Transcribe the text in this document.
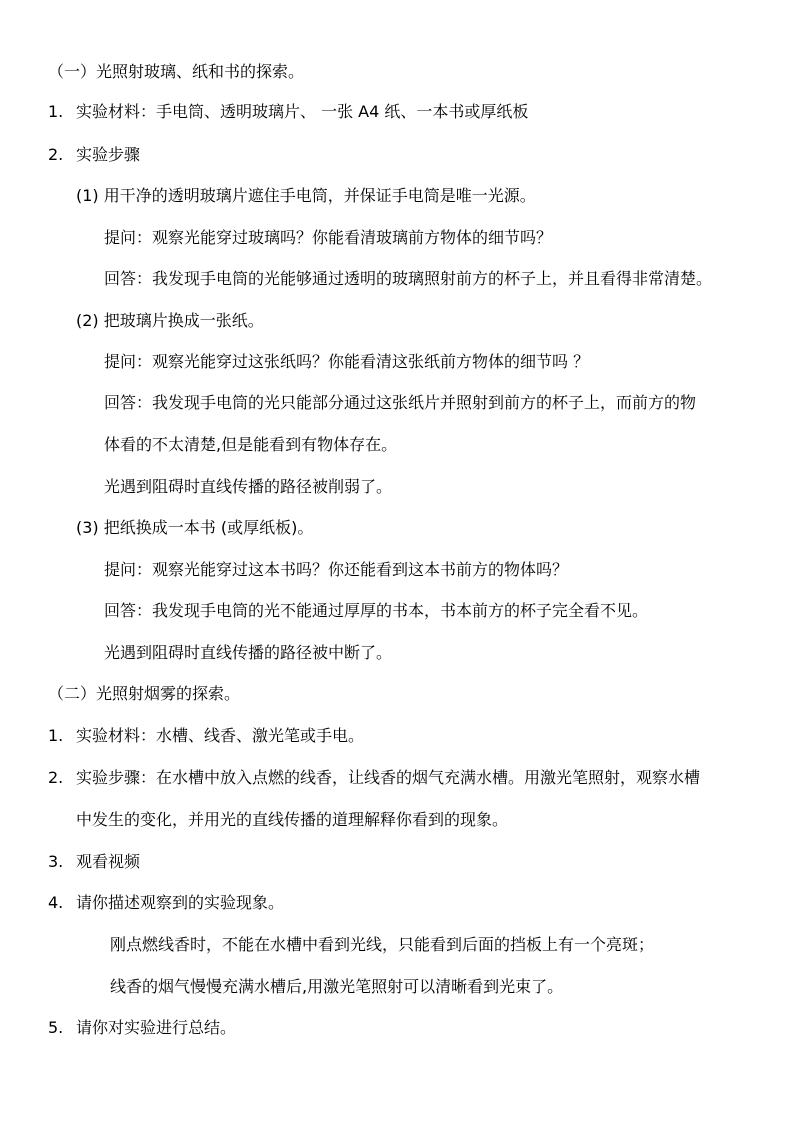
（一）光照射玻璃、纸和书的探索。
1. 实验材料：手电筒、透明玻璃片、 一张 A4 纸、一本书或厚纸板
2. 实验步骤
(1) 用干净的透明玻璃片遮住手电筒，并保证手电筒是唯一光源。
提问：观察光能穿过玻璃吗？你能看清玻璃前方物体的细节吗？
回答：我发现手电筒的光能够通过透明的玻璃照射前方的杯子上，并且看得非常清楚。
(2) 把玻璃片换成一张纸。
提问：观察光能穿过这张纸吗？你能看清这张纸前方物体的细节吗 ？
回答：我发现手电筒的光只能部分通过这张纸片并照射到前方的杯子上，而前方的物
体看的不太清楚,但是能看到有物体存在。
光遇到阻碍时直线传播的路径被削弱了。
(3) 把纸换成一本书 (或厚纸板)。
提问：观察光能穿过这本书吗？你还能看到这本书前方的物体吗？
回答：我发现手电筒的光不能通过厚厚的书本，书本前方的杯子完全看不见。
光遇到阻碍时直线传播的路径被中断了。
（二）光照射烟雾的探索。
1. 实验材料：水槽、线香、激光笔或手电。
2. 实验步骤：在水槽中放入点燃的线香，让线香的烟气充满水槽。用激光笔照射，观察水槽
中发生的变化，并用光的直线传播的道理解释你看到的现象。
3. 观看视频
4. 请你描述观察到的实验现象。
刚点燃线香时，不能在水槽中看到光线，只能看到后面的挡板上有一个亮斑；
线香的烟气慢慢充满水槽后,用激光笔照射可以清晰看到光束了。
5. 请你对实验进行总结。
